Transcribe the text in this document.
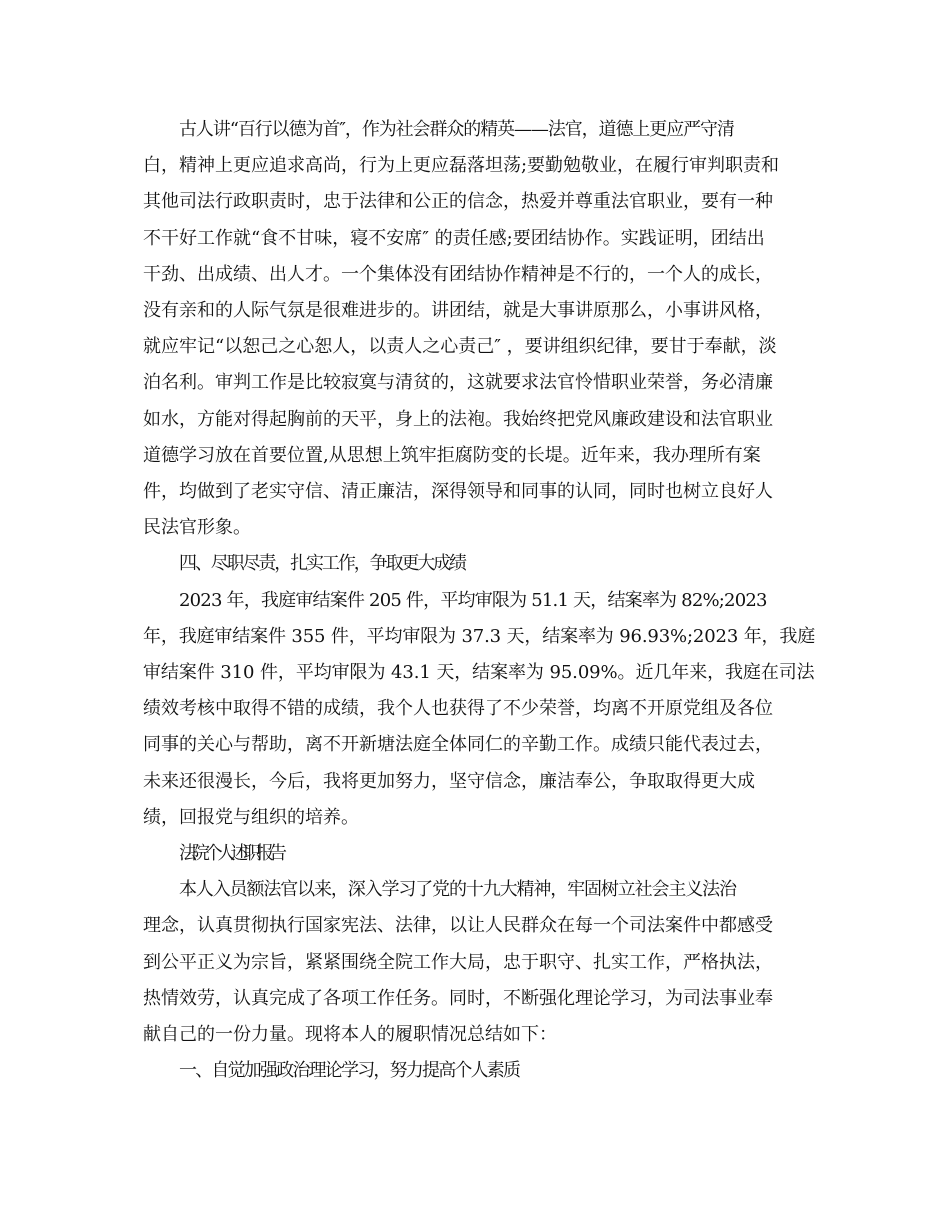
古人讲“百行以德为首″，作为社会群众的精英——法官，道德上更应严守清
白，精神上更应追求高尚，行为上更应磊落坦荡;要勤勉敬业，在履行审判职责和
其他司法行政职责时，忠于法律和公正的信念，热爱并尊重法官职业，要有一种
不干好工作就“食不甘味，寝不安席″ 的责任感;要团结协作。实践证明，团结出
干劲、出成绩、出人才。一个集体没有团结协作精神是不行的，一个人的成长，
没有亲和的人际气氛是很难进步的。讲团结，就是大事讲原那么，小事讲风格，
就应牢记“以恕己之心恕人，以责人之心责己″ ，要讲组织纪律，要甘于奉献，淡
泊名利。审判工作是比较寂寞与清贫的，这就要求法官怜惜职业荣誉，务必清廉
如水，方能对得起胸前的天平，身上的法袍。我始终把党风廉政建设和法官职业
道德学习放在首要位置,从思想上筑牢拒腐防变的长堤。近年来，我办理所有案
件，均做到了老实守信、清正廉洁，深得领导和同事的认同，同时也树立良好人
民法官形象。
四、尽职尽责，扎实工作，争取更大成绩
2023 年，我庭审结案件 205 件，平均审限为 51.1 天，结案率为 82%;2023
年，我庭审结案件 355 件，平均审限为 37.3 天，结案率为 96.93%;2023 年，我庭
审结案件 310 件，平均审限为 43.1 天，结案率为 95.09%。近几年来，我庭在司法
绩效考核中取得不错的成绩，我个人也获得了不少荣誉，均离不开原党组及各位
同事的关心与帮助，离不开新塘法庭全体同仁的辛勤工作。成绩只能代表过去，
未来还很漫长，今后，我将更加努力，坚守信念，廉洁奉公，争取取得更大成
绩，回报党与组织的培养。
法院个人述职报告
本人入员额法官以来，深入学习了党的十九大精神，牢固树立社会主义法治
理念，认真贯彻执行国家宪法、法律，以让人民群众在每一个司法案件中都感受
到公平正义为宗旨，紧紧围绕全院工作大局，忠于职守、扎实工作，严格执法，
热情效劳，认真完成了各项工作任务。同时，不断强化理论学习，为司法事业奉
献自己的一份力量。现将本人的履职情况总结如下：
一、自觉加强政治理论学习，努力提高个人素质
